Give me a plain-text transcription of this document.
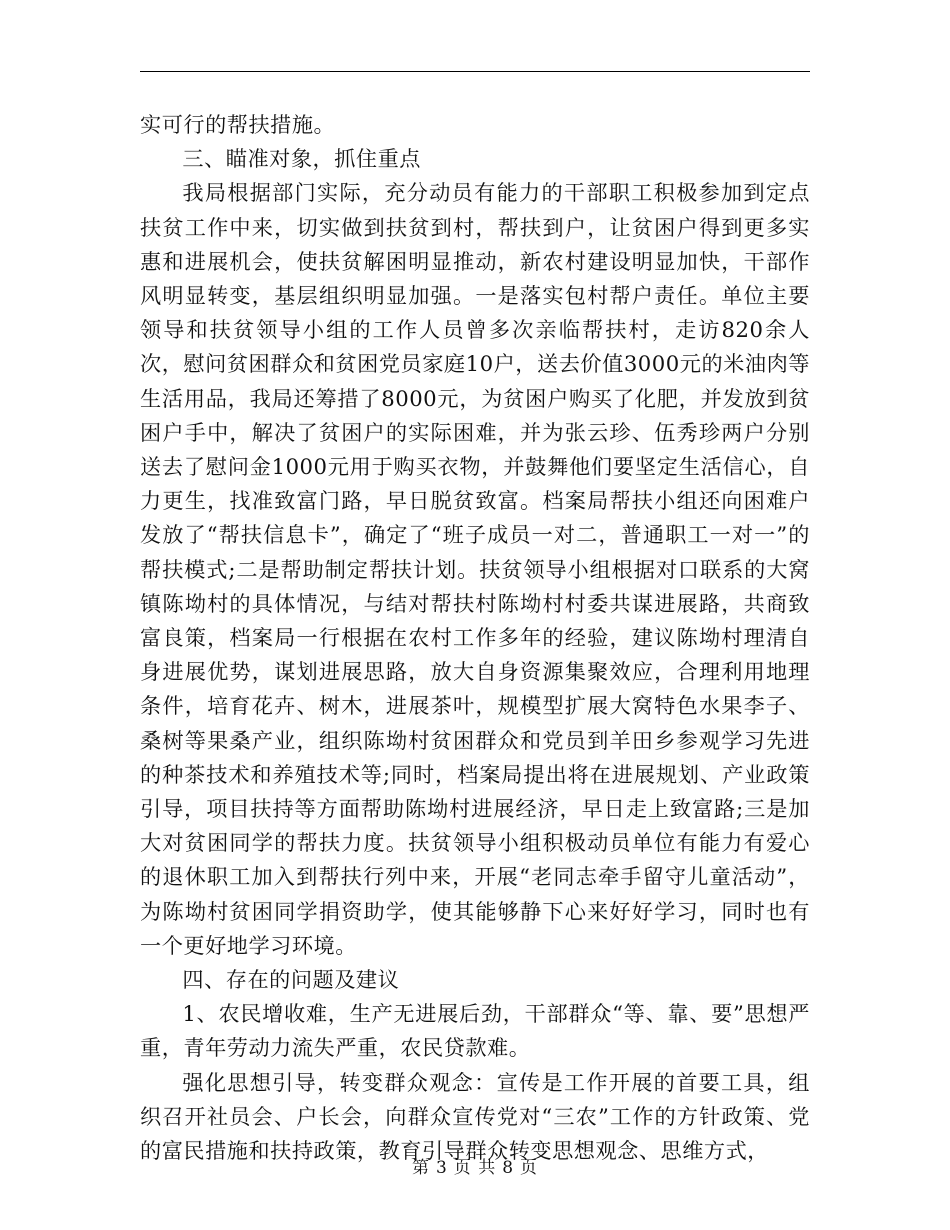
实可行的帮扶措施。

三、瞄准对象，抓住重点

我局根据部门实际，充分动员有能力的干部职工积极参加到定点扶贫工作中来，切实做到扶贫到村，帮扶到户，让贫困户得到更多实惠和进展机会，使扶贫解困明显推动，新农村建设明显加快，干部作风明显转变，基层组织明显加强。一是落实包村帮户责任。单位主要领导和扶贫领导小组的工作人员曾多次亲临帮扶村，走访820余人次，慰问贫困群众和贫困党员家庭10户，送去价值3000元的米油肉等生活用品，我局还筹措了8000元，为贫困户购买了化肥，并发放到贫困户手中，解决了贫困户的实际困难，并为张云珍、伍秀珍两户分别送去了慰问金1000元用于购买衣物，并鼓舞他们要坚定生活信心，自力更生，找准致富门路，早日脱贫致富。档案局帮扶小组还向困难户发放了“帮扶信息卡”，确定了“班子成员一对二，普通职工一对一”的帮扶模式;二是帮助制定帮扶计划。扶贫领导小组根据对口联系的大窝镇陈坳村的具体情况，与结对帮扶村陈坳村村委共谋进展路，共商致富良策，档案局一行根据在农村工作多年的经验，建议陈坳村理清自身进展优势，谋划进展思路，放大自身资源集聚效应，合理利用地理条件，培育花卉、树木，进展茶叶，规模型扩展大窝特色水果李子、桑树等果桑产业，组织陈坳村贫困群众和党员到羊田乡参观学习先进的种茶技术和养殖技术等;同时，档案局提出将在进展规划、产业政策引导，项目扶持等方面帮助陈坳村进展经济，早日走上致富路;三是加大对贫困同学的帮扶力度。扶贫领导小组积极动员单位有能力有爱心的退休职工加入到帮扶行列中来，开展“老同志牵手留守儿童活动”，为陈坳村贫困同学捐资助学，使其能够静下心来好好学习，同时也有一个更好地学习环境。

四、存在的问题及建议

1、农民增收难，生产无进展后劲，干部群众“等、靠、要”思想严重，青年劳动力流失严重，农民贷款难。

强化思想引导，转变群众观念：宣传是工作开展的首要工具，组织召开社员会、户长会，向群众宣传党对“三农”工作的方针政策、党的富民措施和扶持政策，教育引导群众转变思想观念、思维方式，

第 3 页 共 8 页
